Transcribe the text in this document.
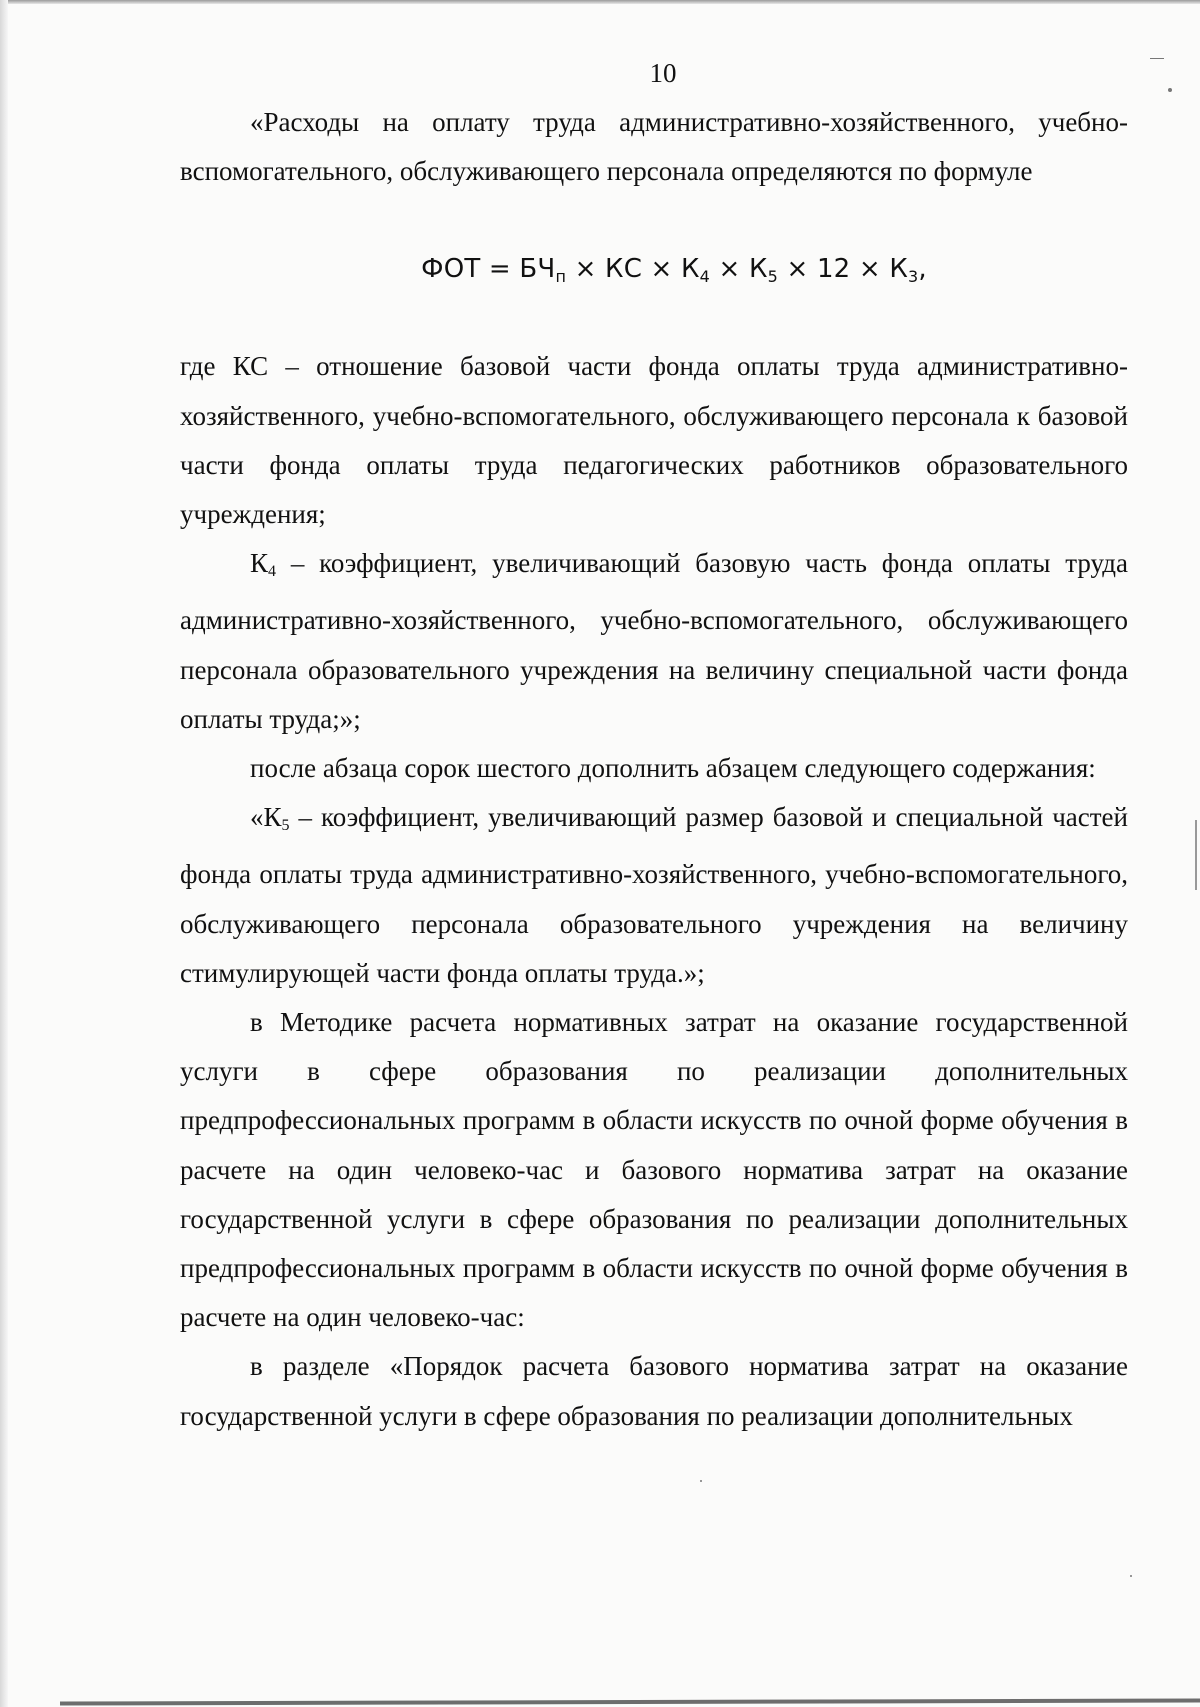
10

«Расходы на оплату труда административно-хозяйственного, учебно-вспомогательного, обслуживающего персонала определяются по формуле

ФОТ = $БЧ_п$ × КС × $К_4 \times К_5 \times 12 \times К_3$,

где КС – отношение базовой части фонда оплаты труда административно-хозяйственного, учебно-вспомогательного, обслуживающего персонала к базовой части фонда оплаты труда педагогических работников образовательного учреждения;

К4 – коэффициент, увеличивающий базовую часть фонда оплаты труда административно-хозяйственного, учебно-вспомогательного, обслуживающего персонала образовательного учреждения на величину специальной части фонда оплаты труда;»;

после абзаца сорок шестого дополнить абзацем следующего содержания:

«К5 – коэффициент, увеличивающий размер базовой и специальной частей фонда оплаты труда административно-хозяйственного, учебно-вспомогательного, обслуживающего персонала образовательного учреждения на величину стимулирующей части фонда оплаты труда.»;

в Методике расчета нормативных затрат на оказание государственной услуги в сфере образования по реализации дополнительных предпрофессиональных программ в области искусств по очной форме обучения в расчете на один человеко-час и базового норматива затрат на оказание государственной услуги в сфере образования по реализации дополнительных предпрофессиональных программ в области искусств по очной форме обучения в расчете на один человеко-час:

в разделе «Порядок расчета базового норматива затрат на оказание государственной услуги в сфере образования по реализации дополнительных
